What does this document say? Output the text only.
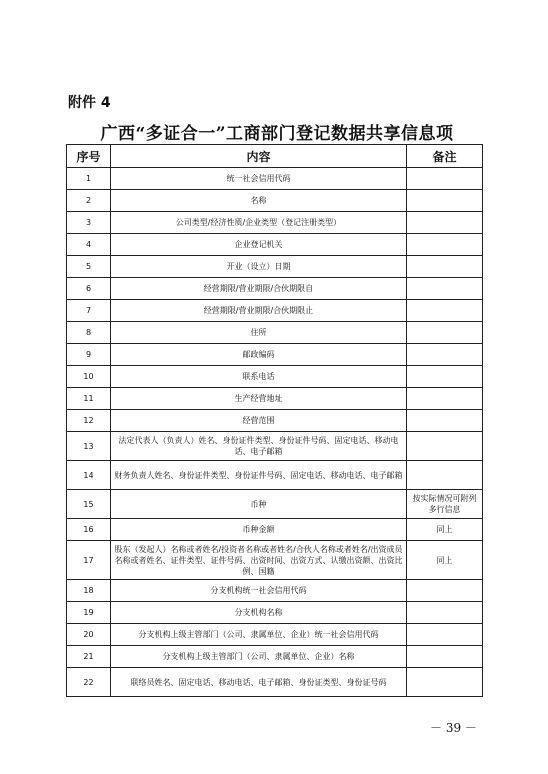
附件 4
广西“多证合一”工商部门登记数据共享信息项
序号	内容	备注
1	统一社会信用代码	
2	名称	
3	公司类型/经济性质/企业类型（登记注册类型）	
4	企业登记机关	
5	开业（设立）日期	
6	经营期限/营业期限/合伙期限自	
7	经营期限/营业期限/合伙期限止	
8	住所	
9	邮政编码	
10	联系电话	
11	生产经营地址	
12	经营范围	
13	法定代表人（负责人）姓名、身份证件类型、身份证件号码、固定电话、移动电话、电子邮箱	
14	财务负责人姓名、身份证件类型、身份证件号码、固定电话、移动电话、电子邮箱	
15	币种	按实际情况可附列多行信息
16	币种金额	同上
17	股东（发起人）名称或者姓名/投资者名称或者姓名/合伙人名称或者姓名/出资成员名称或者姓名、证件类型、证件号码、出资时间、出资方式、认缴出资额、出资比例、国籍	同上
18	分支机构统一社会信用代码	
19	分支机构名称	
20	分支机构上级主管部门（公司、隶属单位、企业）统一社会信用代码	
21	分支机构上级主管部门（公司、隶属单位、企业）名称	
22	联络员姓名、固定电话、移动电话、电子邮箱、身份证类型、身份证号码	
－ 39 －
